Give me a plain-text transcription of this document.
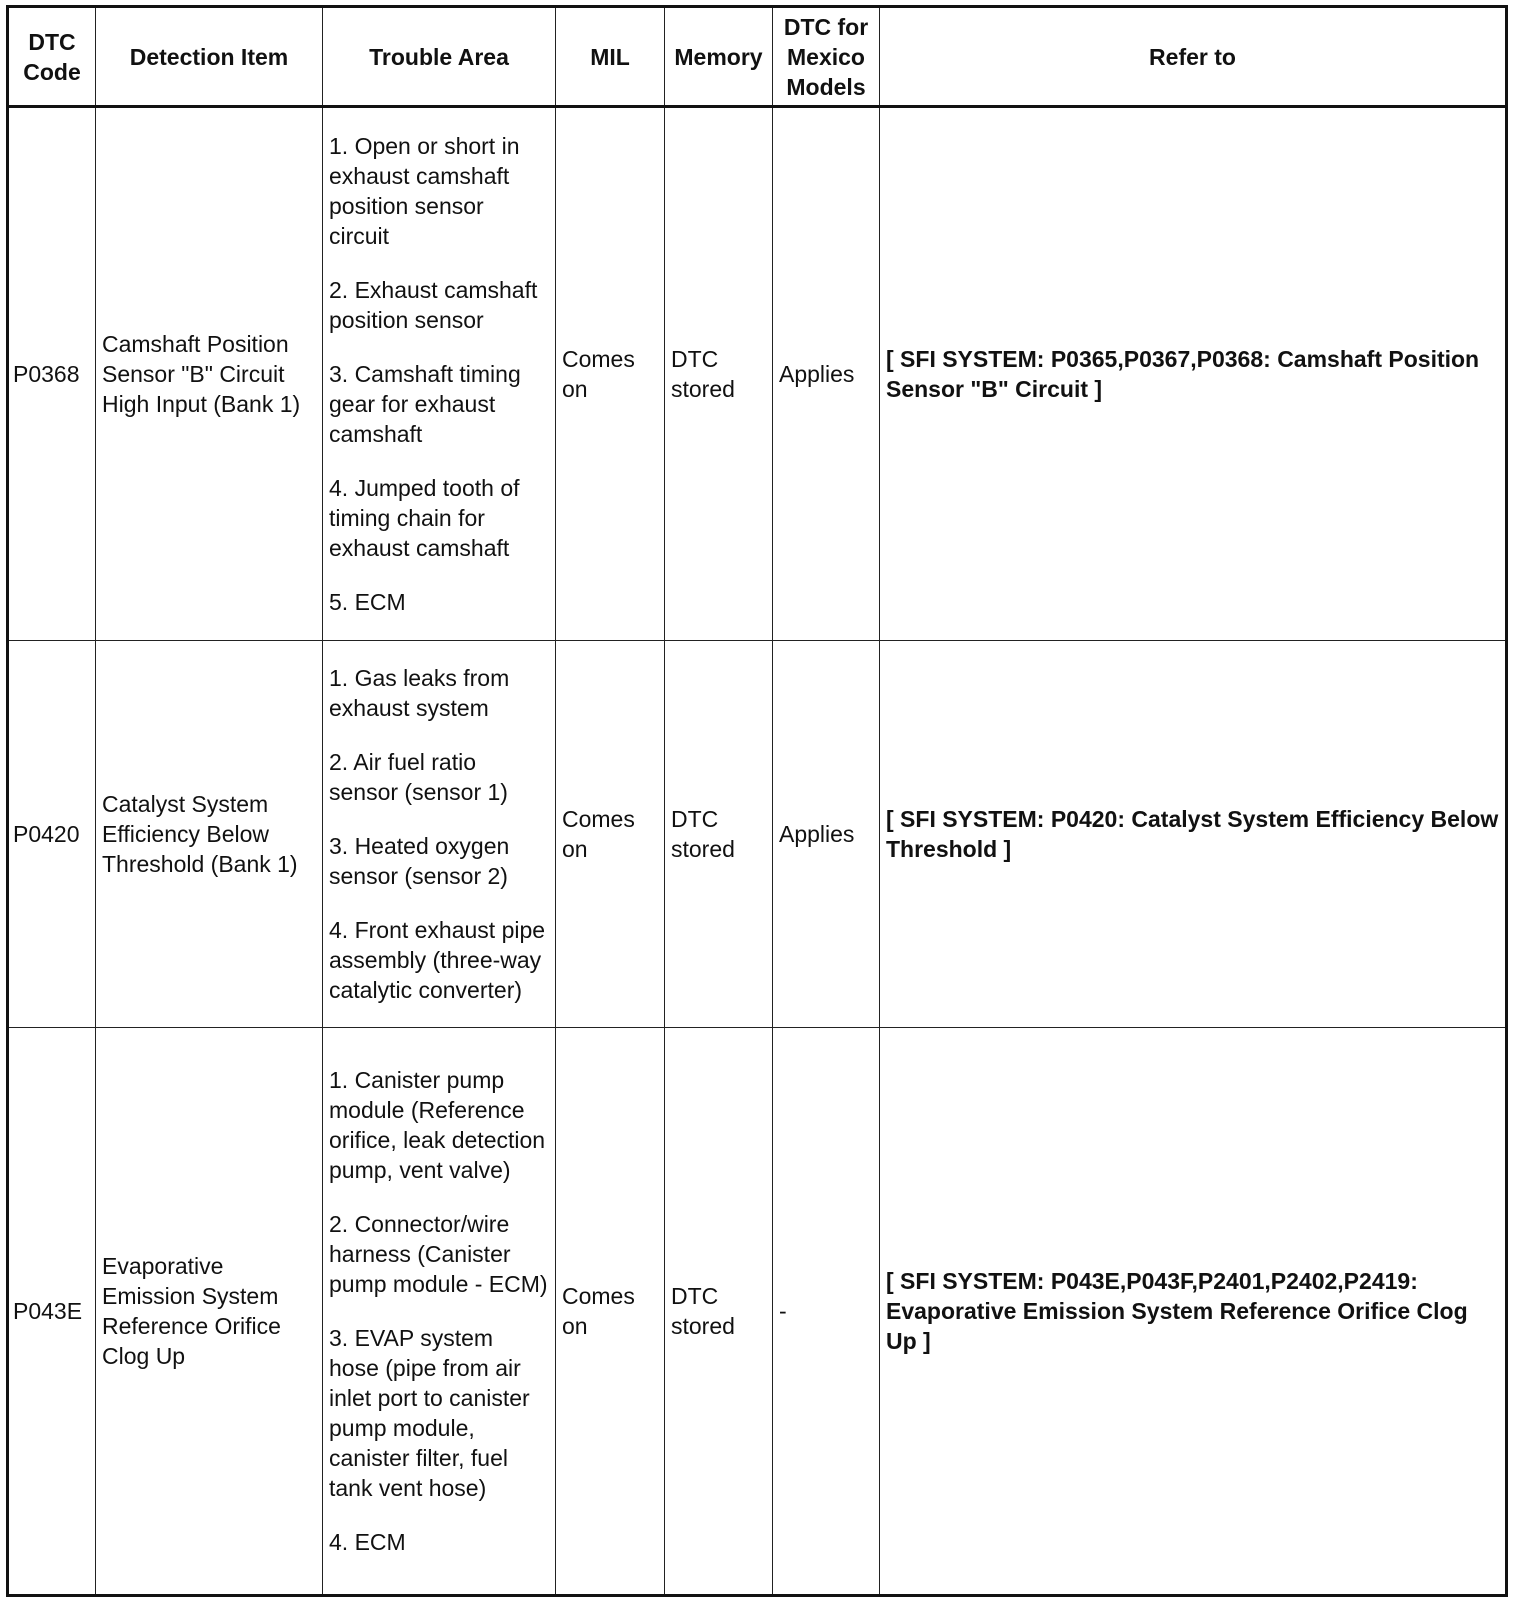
DTC Code	Detection Item	Trouble Area	MIL	Memory	DTC for Mexico Models	Refer to
P0368	Camshaft Position Sensor "B" Circuit High Input (Bank 1)	1. Open or short in exhaust camshaft position sensor circuit
2. Exhaust camshaft position sensor
3. Camshaft timing gear for exhaust camshaft
4. Jumped tooth of timing chain for exhaust camshaft
5. ECM	Comes on	DTC stored	Applies	[ SFI SYSTEM: P0365,P0367,P0368: Camshaft Position Sensor "B" Circuit ]
P0420	Catalyst System Efficiency Below Threshold (Bank 1)	1. Gas leaks from exhaust system
2. Air fuel ratio sensor (sensor 1)
3. Heated oxygen sensor (sensor 2)
4. Front exhaust pipe assembly (three-way catalytic converter)	Comes on	DTC stored	Applies	[ SFI SYSTEM: P0420: Catalyst System Efficiency Below Threshold ]
P043E	Evaporative Emission System Reference Orifice Clog Up	1. Canister pump module (Reference orifice, leak detection pump, vent valve)
2. Connector/wire harness (Canister pump module - ECM)
3. EVAP system hose (pipe from air inlet port to canister pump module, canister filter, fuel tank vent hose)
4. ECM	Comes on	DTC stored	-	[ SFI SYSTEM: P043E,P043F,P2401,P2402,P2419: Evaporative Emission System Reference Orifice Clog Up ]
